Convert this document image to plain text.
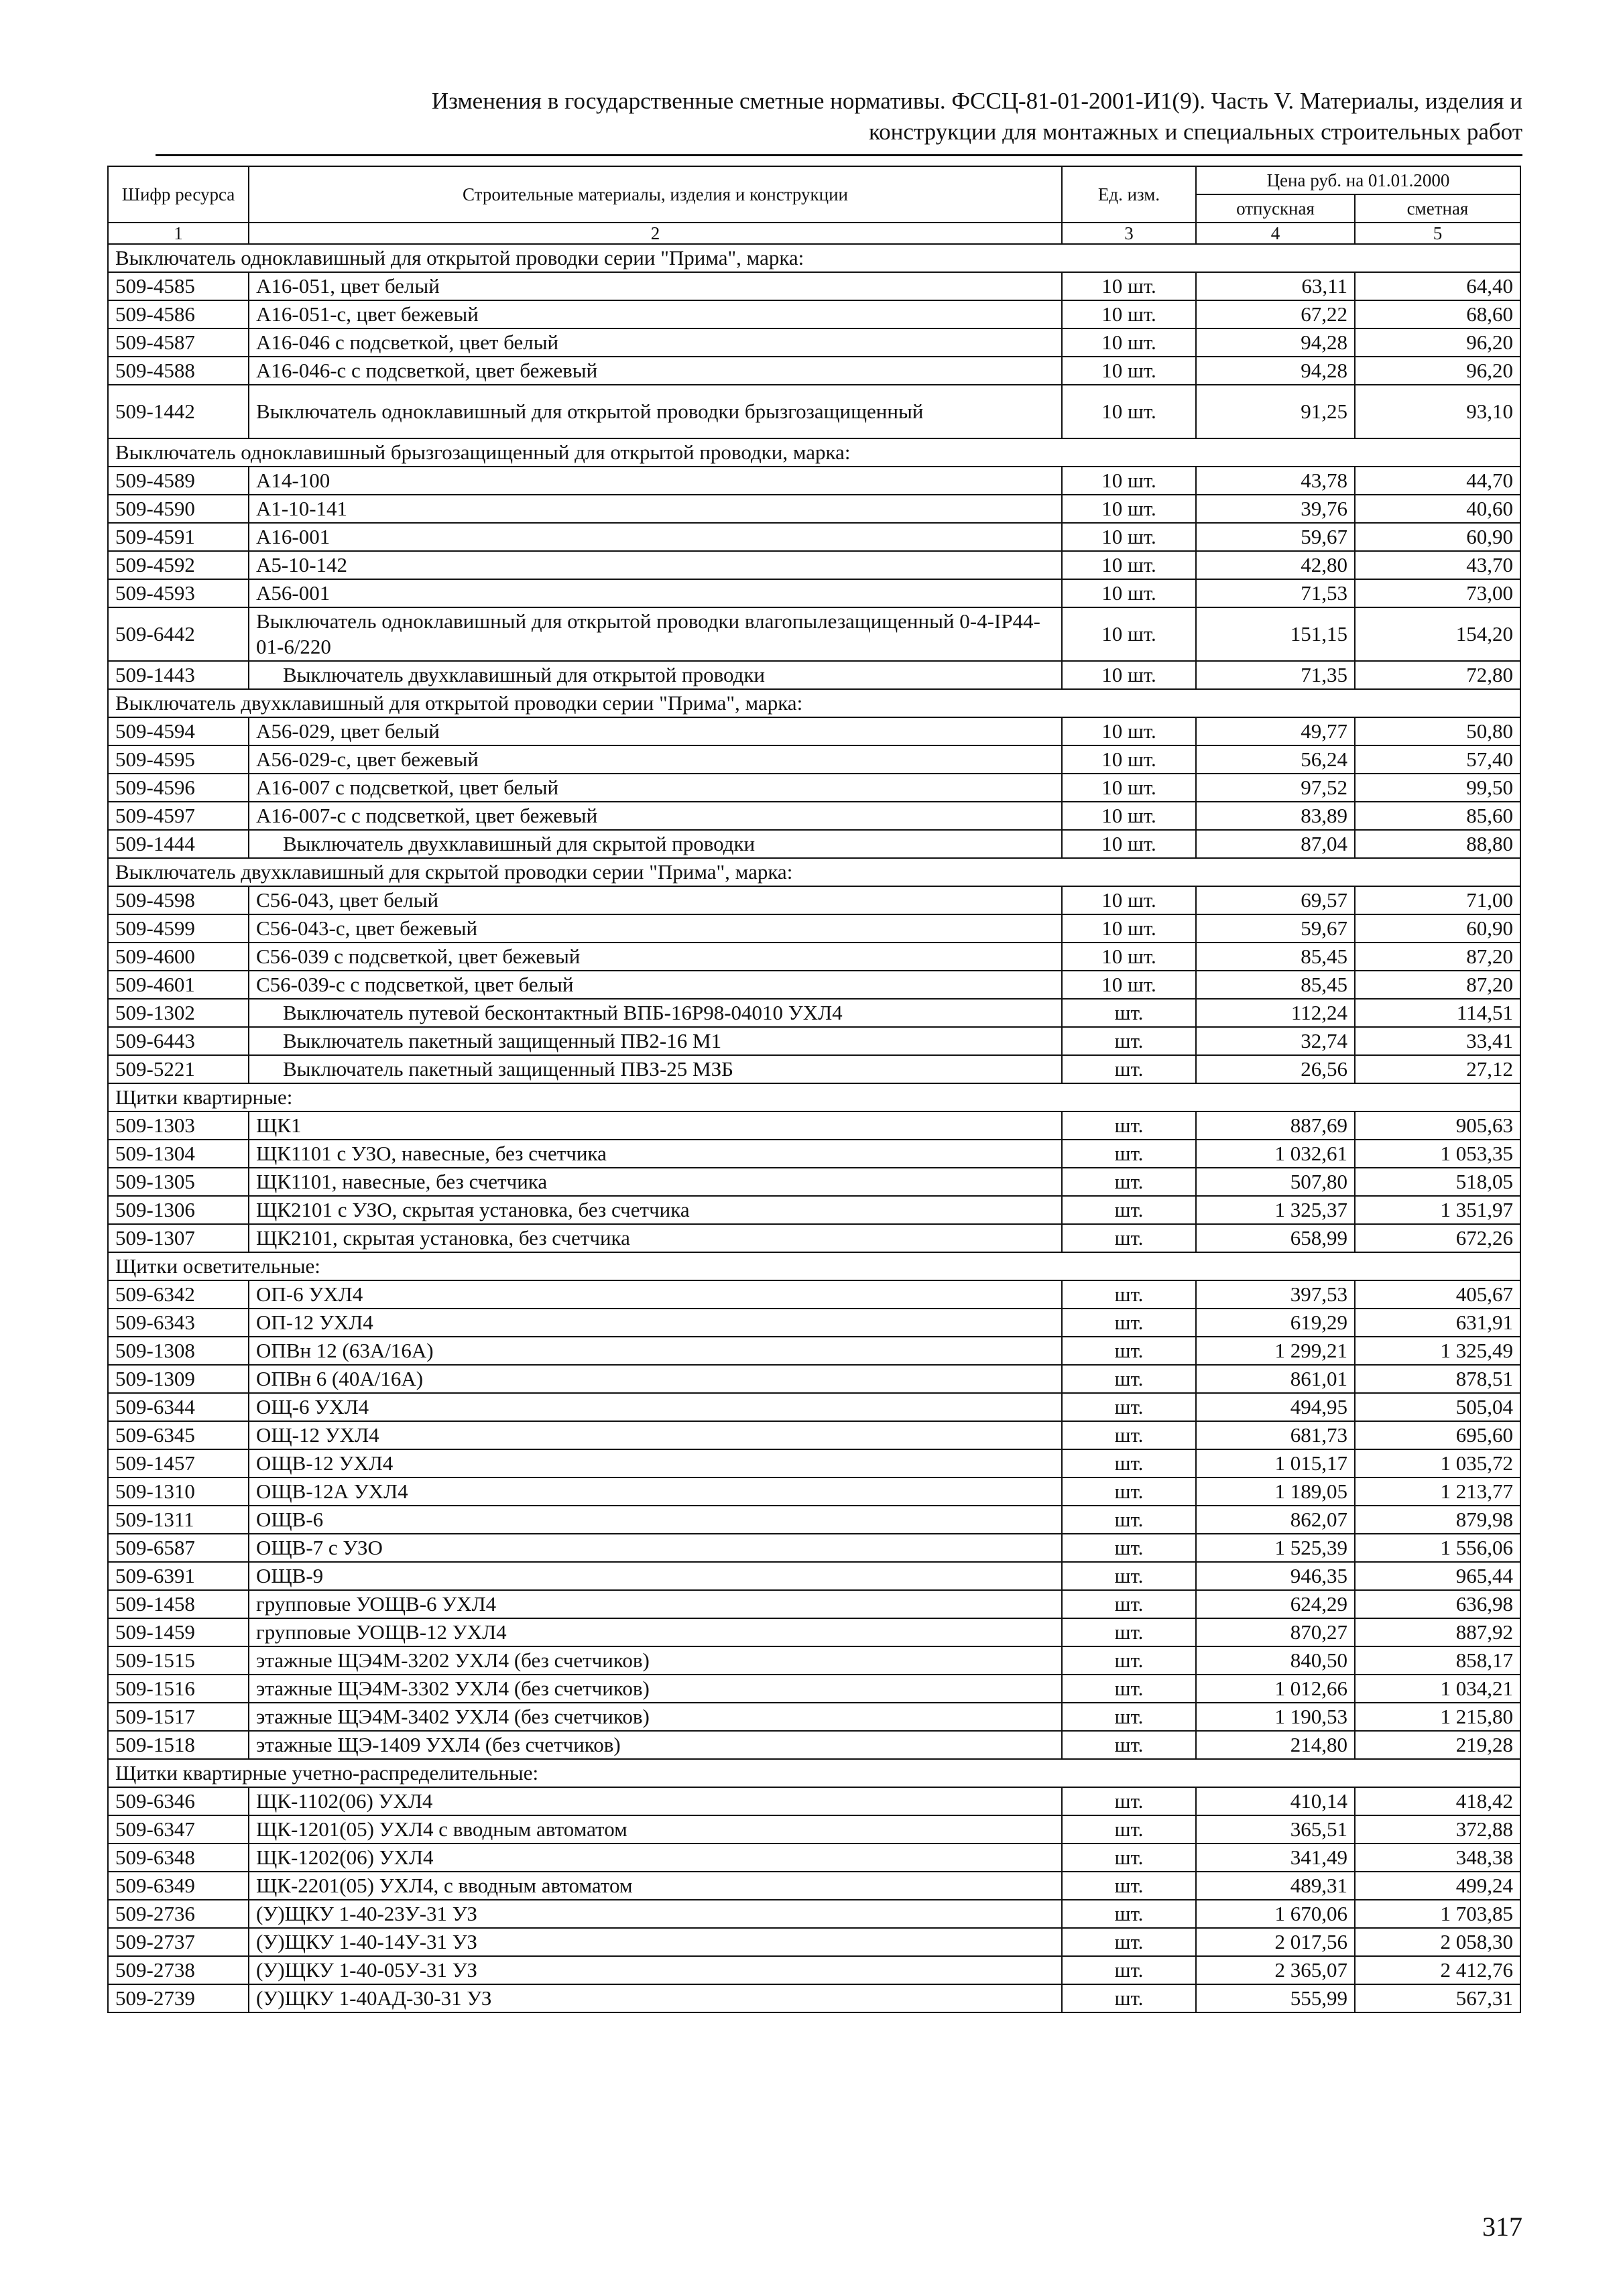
Изменения в государственные сметные нормативы. ФССЦ-81-01-2001-И1(9). Часть V. Материалы, изделия и
конструкции для монтажных и специальных строительных работ
Шифр ресурса	Строительные материалы, изделия и конструкции	Ед. изм.	Цена руб. на 01.01.2000	
			отпускная	сметная
1	2	3	4	5
Выключатель одноклавишный для открытой проводки серии "Прима", марка:				
509-4585	А16-051, цвет белый	10 шт.	63,11	64,40
509-4586	А16-051-с, цвет бежевый	10 шт.	67,22	68,60
509-4587	А16-046 с подсветкой, цвет белый	10 шт.	94,28	96,20
509-4588	А16-046-с с подсветкой, цвет бежевый	10 шт.	94,28	96,20
509-1442	Выключатель одноклавишный для открытой проводки брызгозащищенный	10 шт.	91,25	93,10
Выключатель одноклавишный брызгозащищенный для открытой проводки, марка:				
509-4589	А14-100	10 шт.	43,78	44,70
509-4590	А1-10-141	10 шт.	39,76	40,60
509-4591	А16-001	10 шт.	59,67	60,90
509-4592	А5-10-142	10 шт.	42,80	43,70
509-4593	А56-001	10 шт.	71,53	73,00
509-6442	Выключатель одноклавишный для открытой проводки влагопылезащищенный 0-4-IP44-01-6/220	10 шт.	151,15	154,20
509-1443	Выключатель двухклавишный для открытой проводки	10 шт.	71,35	72,80
Выключатель двухклавишный для открытой проводки серии "Прима", марка:				
509-4594	А56-029, цвет белый	10 шт.	49,77	50,80
509-4595	А56-029-с, цвет бежевый	10 шт.	56,24	57,40
509-4596	А16-007 с подсветкой, цвет белый	10 шт.	97,52	99,50
509-4597	А16-007-с с подсветкой, цвет бежевый	10 шт.	83,89	85,60
509-1444	Выключатель двухклавишный для скрытой проводки	10 шт.	87,04	88,80
Выключатель двухклавишный для скрытой проводки серии "Прима", марка:				
509-4598	С56-043, цвет белый	10 шт.	69,57	71,00
509-4599	С56-043-с, цвет бежевый	10 шт.	59,67	60,90
509-4600	С56-039 с подсветкой, цвет бежевый	10 шт.	85,45	87,20
509-4601	С56-039-с с подсветкой, цвет белый	10 шт.	85,45	87,20
509-1302	Выключатель путевой бесконтактный ВПБ-16Р98-04010 УХЛ4	шт.	112,24	114,51
509-6443	Выключатель пакетный защищенный ПВ2-16 М1	шт.	32,74	33,41
509-5221	Выключатель пакетный защищенный ПВЗ-25 МЗБ	шт.	26,56	27,12
Щитки квартирные:				
509-1303	ЩК1	шт.	887,69	905,63
509-1304	ЩК1101 с УЗО, навесные, без счетчика	шт.	1 032,61	1 053,35
509-1305	ЩК1101, навесные, без счетчика	шт.	507,80	518,05
509-1306	ЩК2101 с УЗО, скрытая установка, без счетчика	шт.	1 325,37	1 351,97
509-1307	ЩК2101, скрытая установка, без счетчика	шт.	658,99	672,26
Щитки осветительные:				
509-6342	ОП-6 УХЛ4	шт.	397,53	405,67
509-6343	ОП-12 УХЛ4	шт.	619,29	631,91
509-1308	ОПВн 12 (63А/16А)	шт.	1 299,21	1 325,49
509-1309	ОПВн 6 (40А/16А)	шт.	861,01	878,51
509-6344	ОЩ-6 УХЛ4	шт.	494,95	505,04
509-6345	ОЩ-12 УХЛ4	шт.	681,73	695,60
509-1457	ОЩВ-12 УХЛ4	шт.	1 015,17	1 035,72
509-1310	ОЩВ-12А УХЛ4	шт.	1 189,05	1 213,77
509-1311	ОЩВ-6	шт.	862,07	879,98
509-6587	ОЩВ-7 с УЗО	шт.	1 525,39	1 556,06
509-6391	ОЩВ-9	шт.	946,35	965,44
509-1458	групповые УОЩВ-6 УХЛ4	шт.	624,29	636,98
509-1459	групповые УОЩВ-12 УХЛ4	шт.	870,27	887,92
509-1515	этажные ЩЭ4М-3202 УХЛ4 (без счетчиков)	шт.	840,50	858,17
509-1516	этажные ЩЭ4М-3302 УХЛ4 (без счетчиков)	шт.	1 012,66	1 034,21
509-1517	этажные ЩЭ4М-3402 УХЛ4 (без счетчиков)	шт.	1 190,53	1 215,80
509-1518	этажные ЩЭ-1409 УХЛ4 (без счетчиков)	шт.	214,80	219,28
Щитки квартирные учетно-распределительные:				
509-6346	ЩК-1102(06) УХЛ4	шт.	410,14	418,42
509-6347	ЩК-1201(05) УХЛ4 с вводным автоматом	шт.	365,51	372,88
509-6348	ЩК-1202(06) УХЛ4	шт.	341,49	348,38
509-6349	ЩК-2201(05) УХЛ4, с вводным автоматом	шт.	489,31	499,24
509-2736	(У)ЩКУ 1-40-23У-31 УЗ	шт.	1 670,06	1 703,85
509-2737	(У)ЩКУ 1-40-14У-31 УЗ	шт.	2 017,56	2 058,30
509-2738	(У)ЩКУ 1-40-05У-31 УЗ	шт.	2 365,07	2 412,76
509-2739	(У)ЩКУ 1-40АД-30-31 УЗ	шт.	555,99	567,31
317
